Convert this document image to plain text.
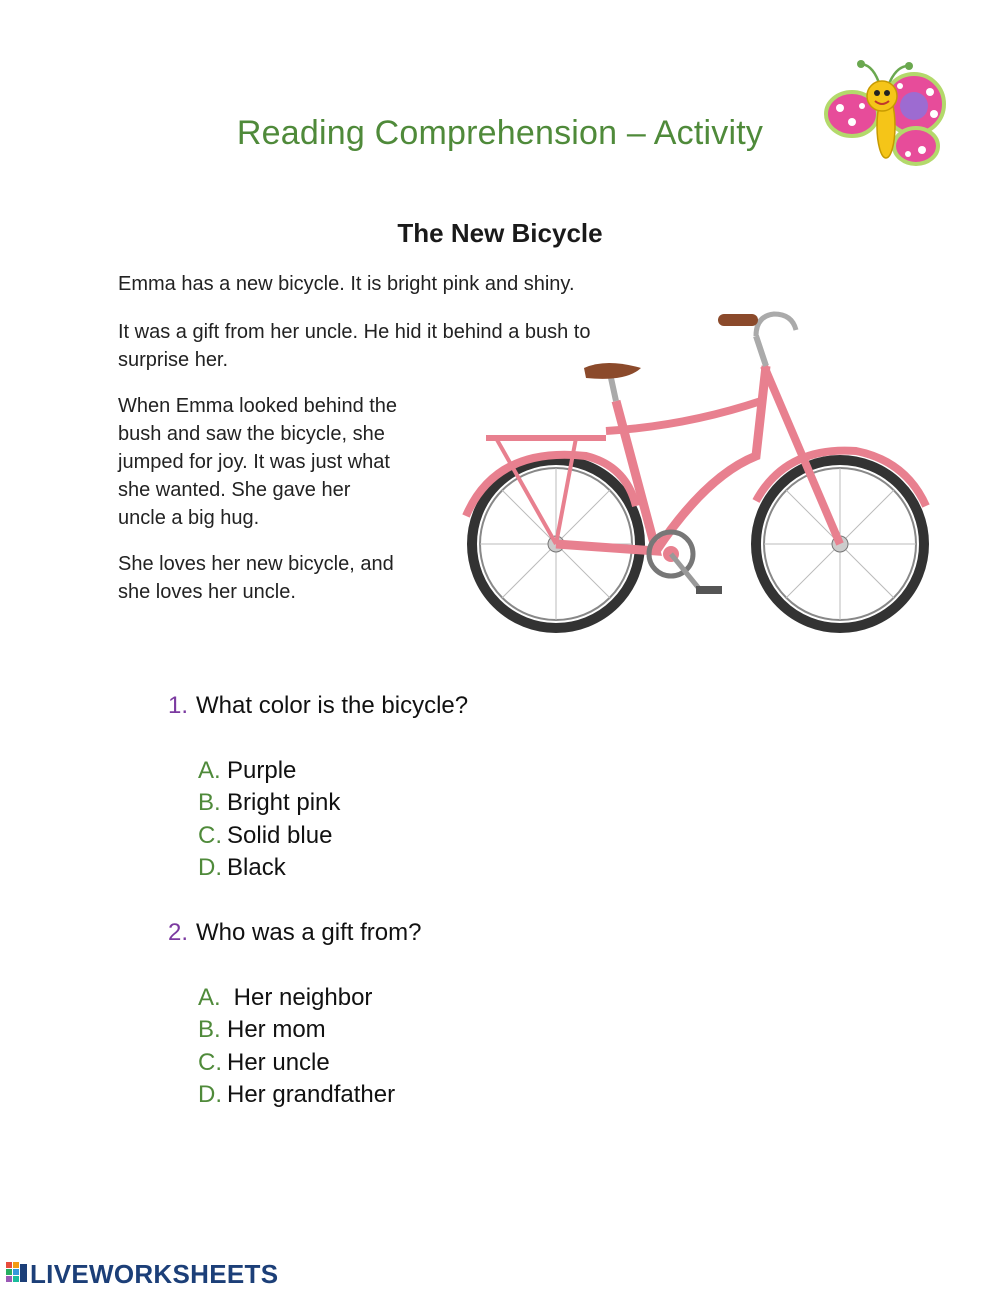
Reading Comprehension – Activity
The New Bicycle
Emma has a new bicycle. It is bright pink and shiny.
It was a gift from her uncle. He hid it behind a bush to
surprise her.
When Emma looked behind the
bush and saw the bicycle, she
jumped for joy. It was just what
she wanted. She gave her
uncle a big hug.
She loves her new bicycle, and
she loves her uncle.
1. What color is the bicycle?
A. Purple
B. Bright pink
C. Solid blue
D. Black
2. Who was a gift from?
A. Her neighbor
B. Her mom
C. Her uncle
D. Her grandfather
LIVEWORKSHEETS
